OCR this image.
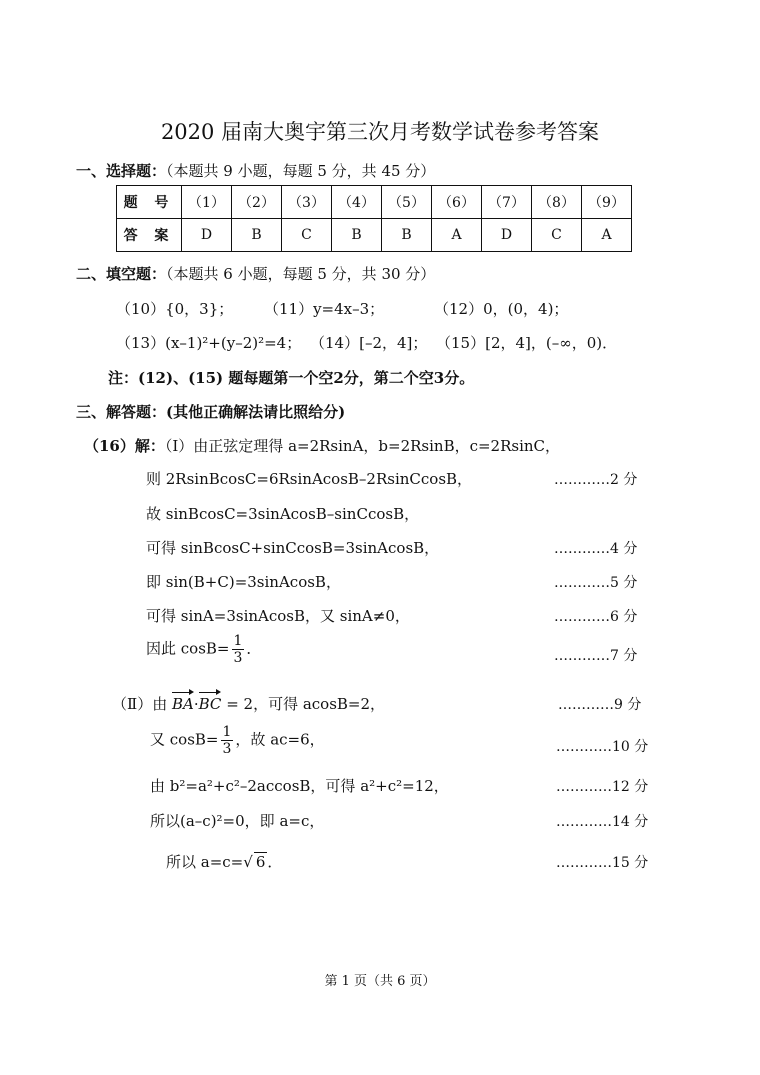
2020 届南大奥宇第三次月考数学试卷参考答案
一、选择题：（本题共 9 小题，每题 5 分，共 45 分）
题 号	（1）	（2）	（3）	（4）	（5）	（6）	（7）	（8）	（9）
答 案	D	B	C	B	B	A	D	C	A
二、填空题：（本题共 6 小题，每题 5 分，共 30 分）
（10）{0，3}； （11）y=4x–3；	（12）0，(0，4)；
（13）(x–1)²+(y–2)²=4； （14）[–2，4]； （15）[2，4]，(–∞，0)．
注：(12)、(15) 题每题第一个空2分，第二个空3分。
三、解答题：(其他正确解法请比照给分)
（16）解：（Ⅰ）由正弦定理得 a=2RsinA，b=2RsinB，c=2RsinC，
则 2RsinBcosC=6RsinAcosB–2RsinCcosB，	…………2 分
故 sinBcosC=3sinAcosB–sinCcosB，
可得 sinBcosC+sinCcosB=3sinAcosB，	…………4 分
即 sin(B+C)=3sinAcosB，	…………5 分
可得 sinA=3sinAcosB，又 sinA≠0，	…………6 分
因此 $\cos B= \frac{1}{3}$ ．	…………7 分
（Ⅱ）由 BA·BC = 2，可得 acosB=2，	…………9 分
又 $\cos B= \frac{1}{3}$ ，故 ac=6，	…………10 分
由 b²=a²+c²–2accosB，可得 a²+c²=12，	…………12 分
所以(a–c)²=0，即 a=c，	…………14 分
所以 a=c=√ 6 ．	…………15 分
第 1 页（共 6 页）
